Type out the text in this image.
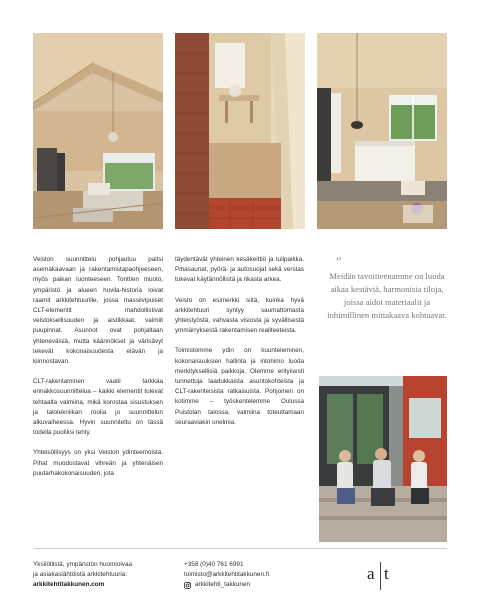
Veiston suunnittelu pohjautuu paitsi asemakaavaan ja rakentamistapaohjeeseen, myös paikan luonteeseen. Tonttien muoto, ympäristö ja alueen huvila-historia loivat raamit arkkitehtuurille, jossa massiivipuiset CLT-elementit mahdollistivat veistoksellisuuden ja aistikkaat, valmiit puupinnat. Asunnot ovat pohjaltaan yhteneväisiä, mutta käännökset ja värisävyt tekevät kokonaisuudesta elävän ja kiinnostavan.

CLT-rakentaminen vaatii tarkkaa ennakkosuunnittelua – kaikki elementit tulevat tehtaalta valmiina, mikä korostaa sisustuksen ja talotekniikan roolia jo suunnittelun alkuvaiheessa. Hyvin suunniteltu on tässä todella puoliksi tehty.

Yhteisöllisyys on yksi Veiston ydinteemoista. Pihat muodostavat vihreän ja yhtenäisen puutarhakokonaisuuden, jota

täydentävät yhteinen kesäkeittiö ja tulipaikka. Pihasaunat, pyörä- ja autosuojat sekä verstas tukevat käytännöllistä ja rikasta arkea.

Veisto on esimerkki siitä, kuinka hyvä arkkitehtuuri syntyy saumattomasta yhteistyöstä, vahvasta visiosta ja syvällisestä ymmärryksestä rakentamisen realiteeteista.

Toimistomme ydin on kuunteleminen, kokonaisuuksien hallinta ja intohimo luoda merkityksellisiä paikkoja. Olemme erityisesti tunnettuja laadukkaista asuntokohteista ja CLT-rakenteisista ratkaisuista. Pohjoinen on kotimme – työskentelemme Oulussa Puistolan talossa, valmiina toteuttamaan seuraaviakin unelmia.

”
Meidän tavoitteenamme on luoda aikaa kestäviä, harmonisia tiloja, joissa aidot materiaalit ja inhimillinen mittakaava kohtaavat.
Yksilöllistä, ympäristön huomioivaa
ja asiakaslähtöistä arkkitehtuuria:
arkkitehtitakkunen.com
+358 (0)40 761 6991
toimisto@arkkitehtitakkunen.fi
arkkitehti_takkunen
a t
